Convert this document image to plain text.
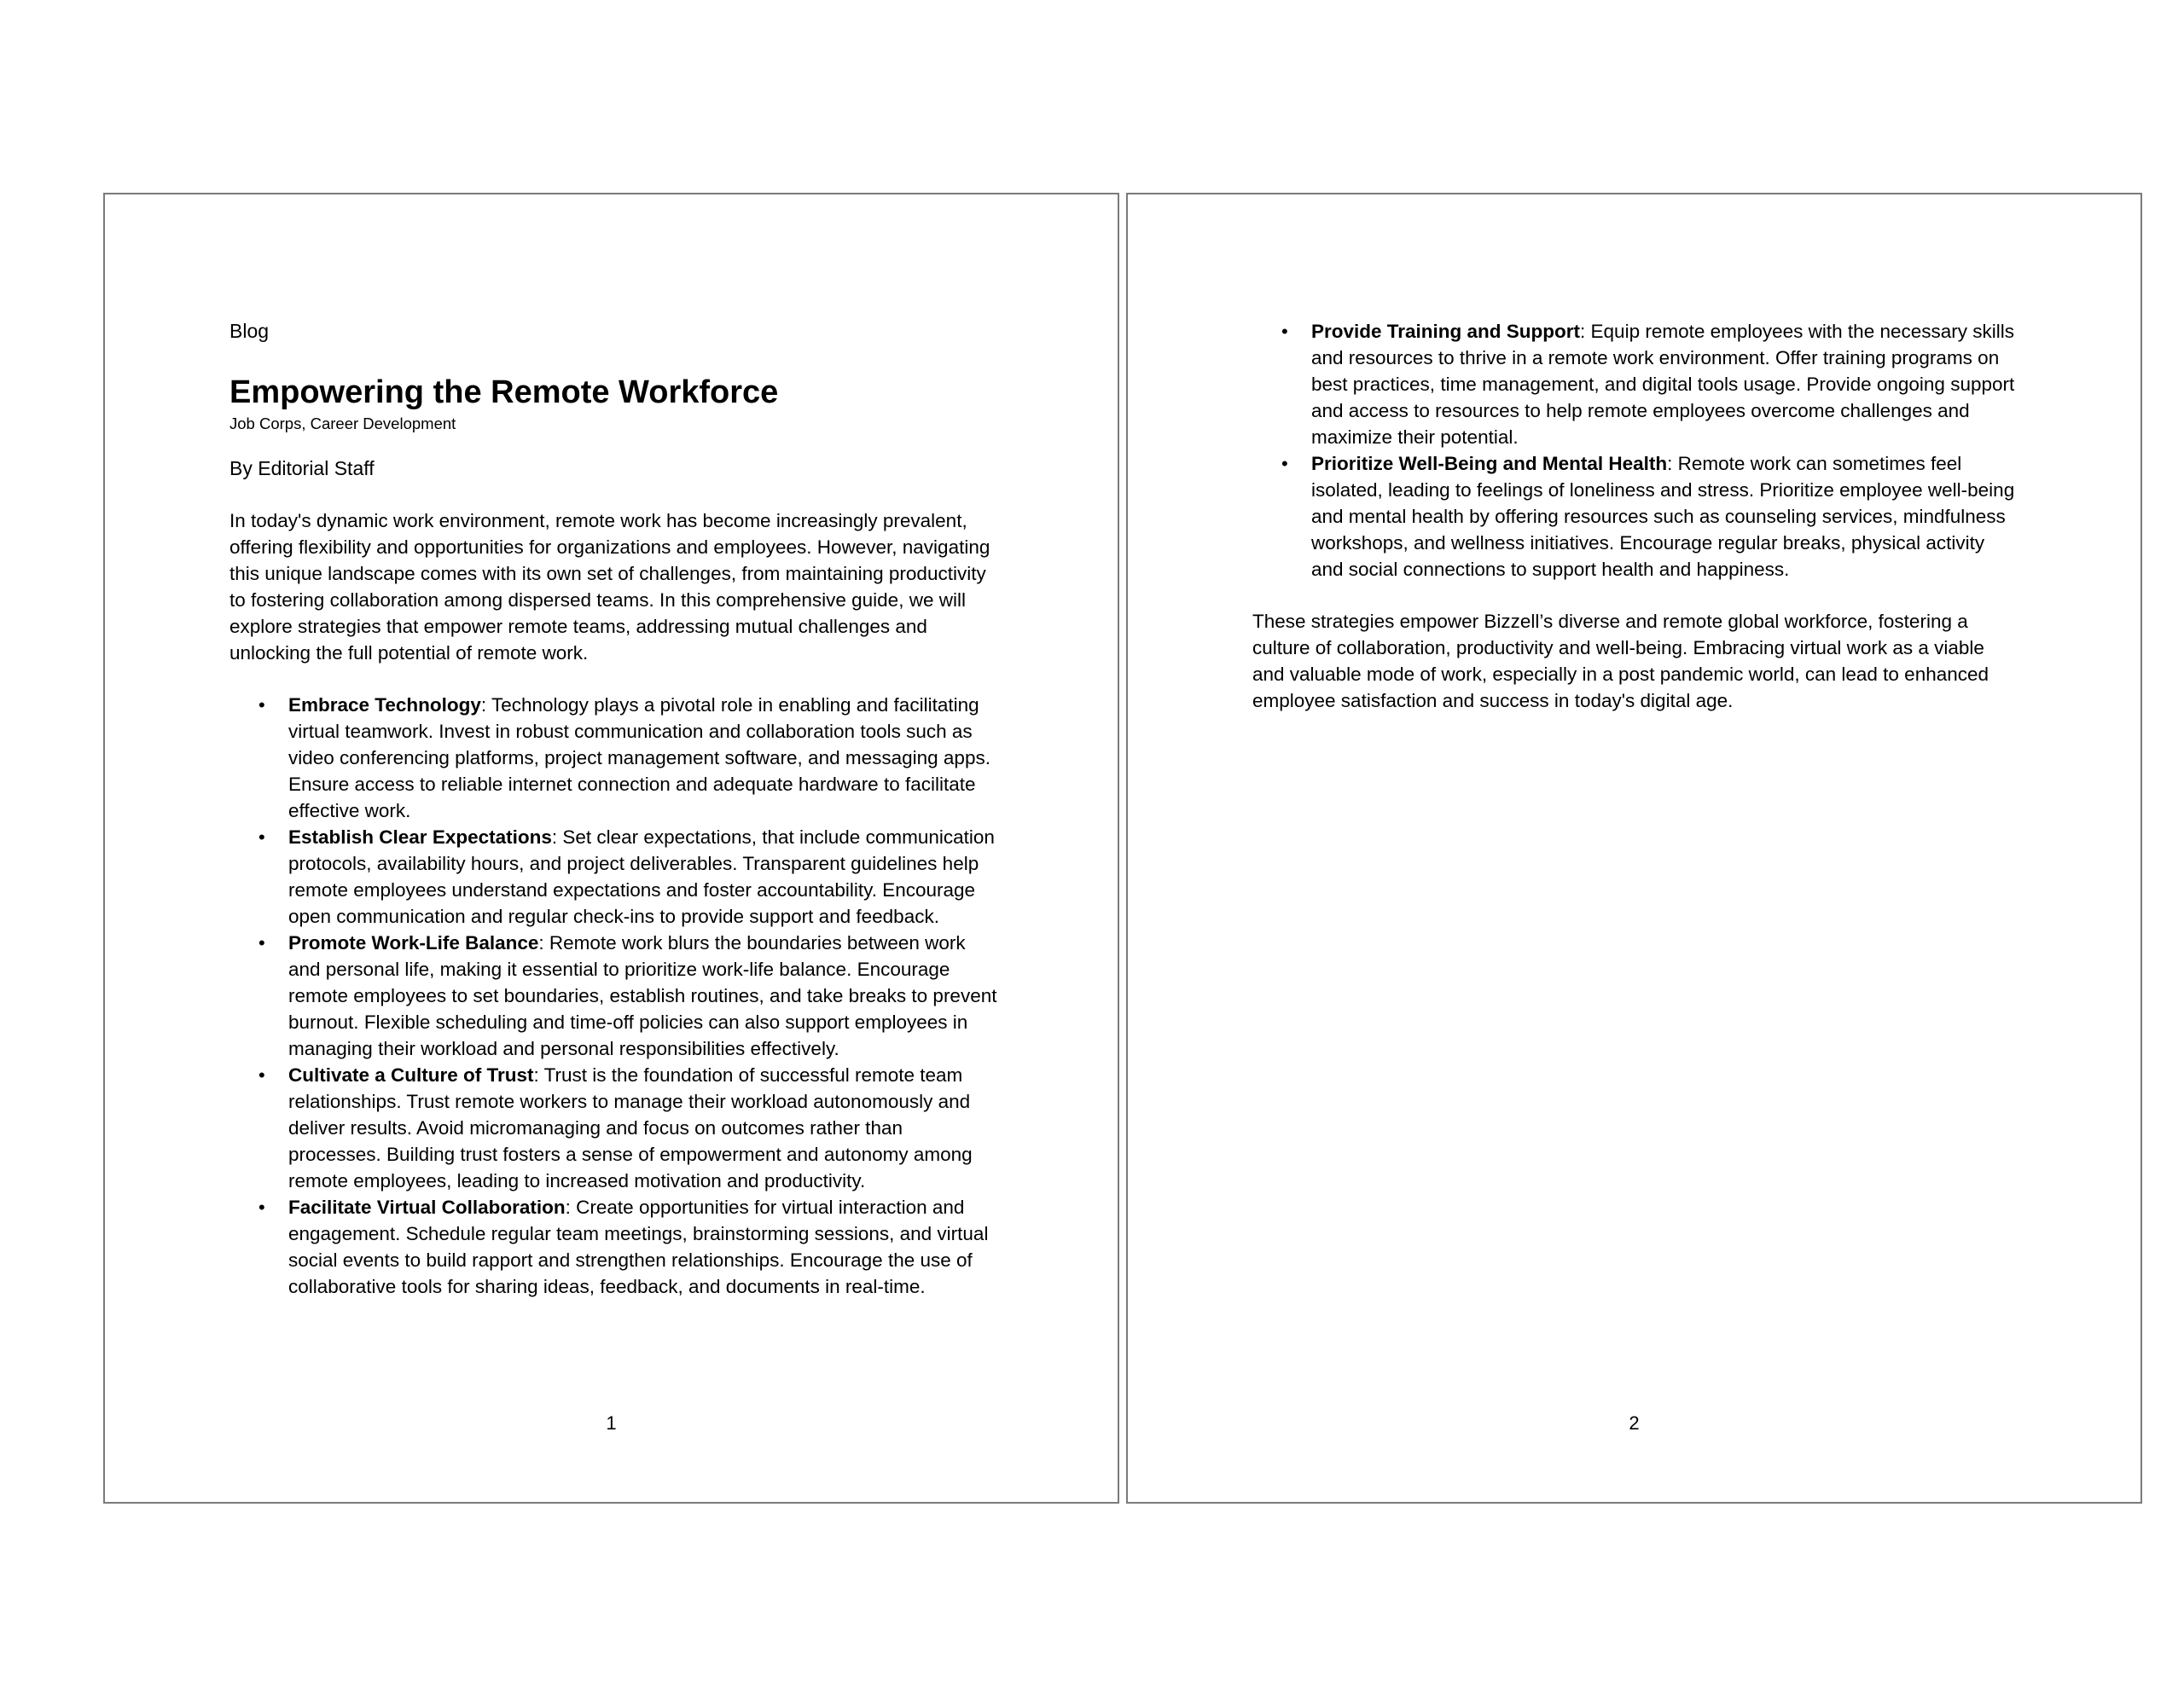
Blog

Empowering the Remote Workforce

Job Corps, Career Development

By Editorial Staff

In today's dynamic work environment, remote work has become increasingly prevalent, offering flexibility and opportunities for organizations and employees. However, navigating this unique landscape comes with its own set of challenges, from maintaining productivity to fostering collaboration among dispersed teams. In this comprehensive guide, we will explore strategies that empower remote teams, addressing mutual challenges and unlocking the full potential of remote work.

• Embrace Technology: Technology plays a pivotal role in enabling and facilitating virtual teamwork. Invest in robust communication and collaboration tools such as video conferencing platforms, project management software, and messaging apps. Ensure access to reliable internet connection and adequate hardware to facilitate effective work.
• Establish Clear Expectations: Set clear expectations, that include communication protocols, availability hours, and project deliverables. Transparent guidelines help remote employees understand expectations and foster accountability. Encourage open communication and regular check-ins to provide support and feedback.
• Promote Work-Life Balance: Remote work blurs the boundaries between work and personal life, making it essential to prioritize work-life balance. Encourage remote employees to set boundaries, establish routines, and take breaks to prevent burnout. Flexible scheduling and time-off policies can also support employees in managing their workload and personal responsibilities effectively.
• Cultivate a Culture of Trust: Trust is the foundation of successful remote team relationships. Trust remote workers to manage their workload autonomously and deliver results. Avoid micromanaging and focus on outcomes rather than processes. Building trust fosters a sense of empowerment and autonomy among remote employees, leading to increased motivation and productivity.
• Facilitate Virtual Collaboration: Create opportunities for virtual interaction and engagement. Schedule regular team meetings, brainstorming sessions, and virtual social events to build rapport and strengthen relationships. Encourage the use of collaborative tools for sharing ideas, feedback, and documents in real-time.
1
• Provide Training and Support: Equip remote employees with the necessary skills and resources to thrive in a remote work environment. Offer training programs on best practices, time management, and digital tools usage. Provide ongoing support and access to resources to help remote employees overcome challenges and maximize their potential.
• Prioritize Well-Being and Mental Health: Remote work can sometimes feel isolated, leading to feelings of loneliness and stress. Prioritize employee well-being and mental health by offering resources such as counseling services, mindfulness workshops, and wellness initiatives. Encourage regular breaks, physical activity and social connections to support health and happiness.

These strategies empower Bizzell’s diverse and remote global workforce, fostering a culture of collaboration, productivity and well-being. Embracing virtual work as a viable and valuable mode of work, especially in a post pandemic world, can lead to enhanced employee satisfaction and success in today's digital age.

2
